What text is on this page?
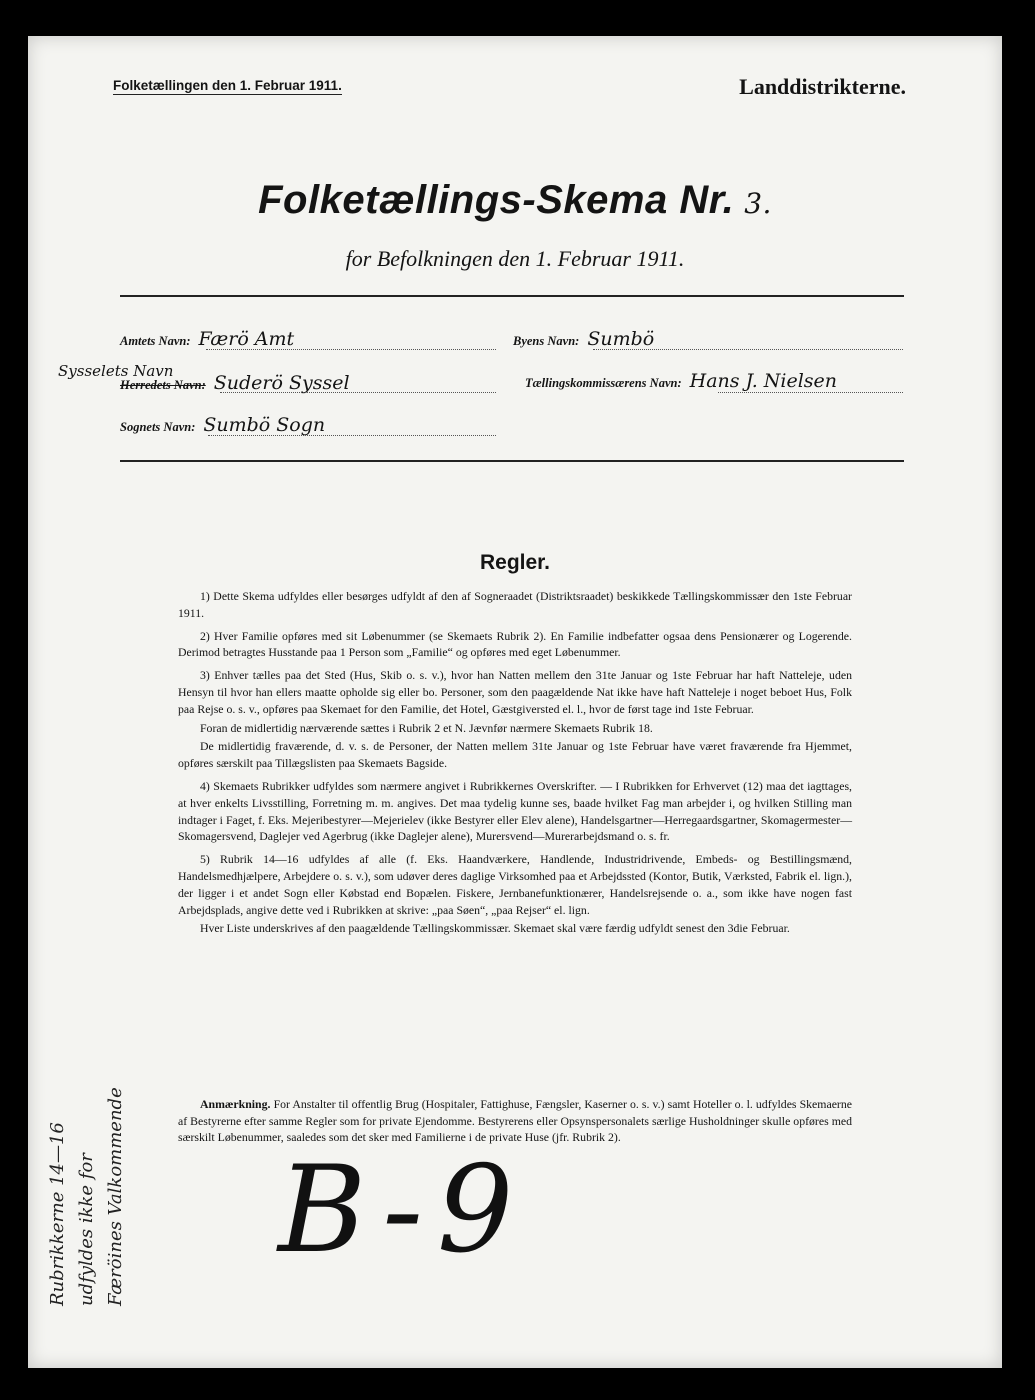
Folketællingen den 1. Februar 1911.	Landdistrikterne.
Folketællings-Skema Nr. 3.
for Befolkningen den 1. Februar 1911.
Amtets Navn: Færö Amt	Byens Navn: Sumbö
Sysselets Navn
Herredets Navn: Suderö Syssel	Tællingskommissærens Navn: Hans J. Nielsen
Sognets Navn: Sumbö Sogn
Regler.

1) Dette Skema udfyldes eller besørges udfyldt af den af Sogneraadet (Distriktsraadet) beskikkede Tællingskommissær den 1ste Februar 1911.

2) Hver Familie opføres med sit Løbenummer (se Skemaets Rubrik 2). En Familie indbefatter ogsaa dens Pensionærer og Logerende. Derimod betragtes Husstande paa 1 Person som „Familie“ og opføres med eget Løbenummer.

3) Enhver tælles paa det Sted (Hus, Skib o. s. v.), hvor han Natten mellem den 31te Januar og 1ste Februar har haft Natteleje, uden Hensyn til hvor han ellers maatte opholde sig eller bo. Personer, som den paagældende Nat ikke have haft Natteleje i noget beboet Hus, Folk paa Rejse o. s. v., opføres paa Skemaet for den Familie, det Hotel, Gæstgiversted el. l., hvor de først tage ind 1ste Februar.

Foran de midlertidig nærværende sættes i Rubrik 2 et N. Jævnfør nærmere Skemaets Rubrik 18.

De midlertidig fraværende, d. v. s. de Personer, der Natten mellem 31te Januar og 1ste Februar have været fraværende fra Hjemmet, opføres særskilt paa Tillægslisten paa Skemaets Bagside.

4) Skemaets Rubrikker udfyldes som nærmere angivet i Rubrikkernes Overskrifter. — I Rubrikken for Erhvervet (12) maa det iagttages, at hver enkelts Livsstilling, Forretning m. m. angives. Det maa tydelig kunne ses, baade hvilket Fag man arbejder i, og hvilken Stilling man indtager i Faget, f. Eks. Mejeribestyrer—Mejerielev (ikke Bestyrer eller Elev alene), Handelsgartner—Herregaardsgartner, Skomagermester—Skomagersvend, Daglejer ved Agerbrug (ikke Daglejer alene), Murersvend—Murerarbejdsmand o. s. fr.

5) Rubrik 14—16 udfyldes af alle (f. Eks. Haandværkere, Handlende, Industridrivende, Embeds- og Bestillingsmænd, Handelsmedhjælpere, Arbejdere o. s. v.), som udøver deres daglige Virksomhed paa et Arbejdssted (Kontor, Butik, Værksted, Fabrik el. lign.), der ligger i et andet Sogn eller Købstad end Bopælen. Fiskere, Jernbanefunktionærer, Handelsrejsende o. a., som ikke have nogen fast Arbejdsplads, angive dette ved i Rubrikken at skrive: „paa Søen“, „paa Rejser“ el. lign.

Hver Liste underskrives af den paagældende Tællingskommissær. Skemaet skal være færdig udfyldt senest den 3die Februar.

Anmærkning. For Anstalter til offentlig Brug (Hospitaler, Fattighuse, Fængsler, Kaserner o. s. v.) samt Hoteller o. l. udfyldes Skemaerne af Bestyrerne efter samme Regler som for private Ejendomme. Bestyrerens eller Opsynspersonalets særlige Husholdninger skulle opføres med særskilt Løbenummer, saaledes som det sker med Familierne i de private Huse (jfr. Rubrik 2).

Rubrikkerne 14—16 udfyldes ikke for Færöines Valkommende B-9
